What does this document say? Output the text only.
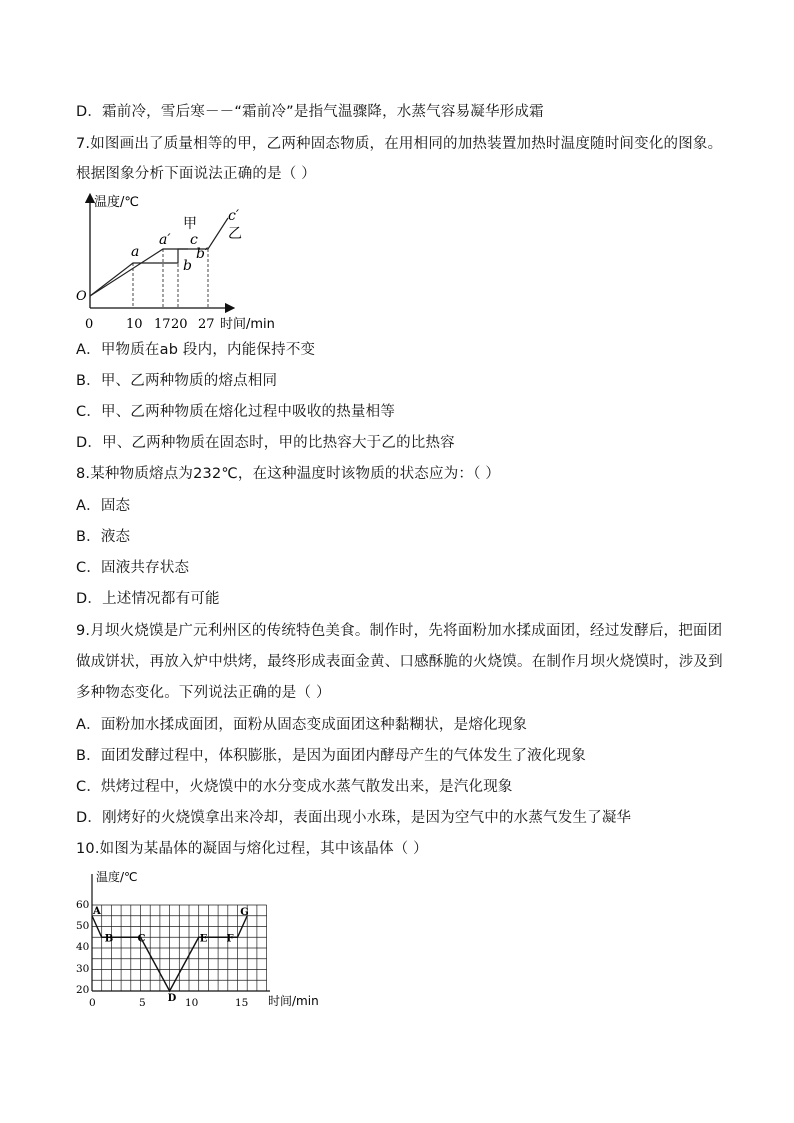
D．霜前冷，雪后寒－－“霜前冷”是指气温骤降，水蒸气容易凝华形成霜
7.如图画出了质量相等的甲，乙两种固态物质，在用相同的加热装置加热时温度随时间变化的图象。
根据图象分析下面说法正确的是（ ）
温度/℃
O
0	10 17 20 27 时间/min
a
a′
甲
c
b
b′
c′
乙
A．甲物质在ab 段内，内能保持不变
B．甲、乙两种物质的熔点相同
C．甲、乙两种物质在熔化过程中吸收的热量相等
D．甲、乙两种物质在固态时，甲的比热容大于乙的比热容
8.某种物质熔点为232℃，在这种温度时该物质的状态应为：（ ）
A．固态
B．液态
C．固液共存状态
D．上述情况都有可能
9.月坝火烧馍是广元利州区的传统特色美食。制作时，先将面粉加水揉成面团，经过发酵后，把面团
做成饼状，再放入炉中烘烤，最终形成表面金黄、口感酥脆的火烧馍。在制作月坝火烧馍时，涉及到
多种物态变化。下列说法正确的是（ ）
A．面粉加水揉成面团，面粉从固态变成面团这种黏糊状，是熔化现象
B．面团发酵过程中，体积膨胀，是因为面团内酵母产生的气体发生了液化现象
C．烘烤过程中，火烧馍中的水分变成水蒸气散发出来，是汽化现象
D．刚烤好的火烧馍拿出来冷却，表面出现小水珠，是因为空气中的水蒸气发生了凝华
10.如图为某晶体的凝固与熔化过程，其中该晶体（ ）
温度/℃
时间/min
60
50
40
30
20
0	5	10	15
A
B C
D
E F
G
